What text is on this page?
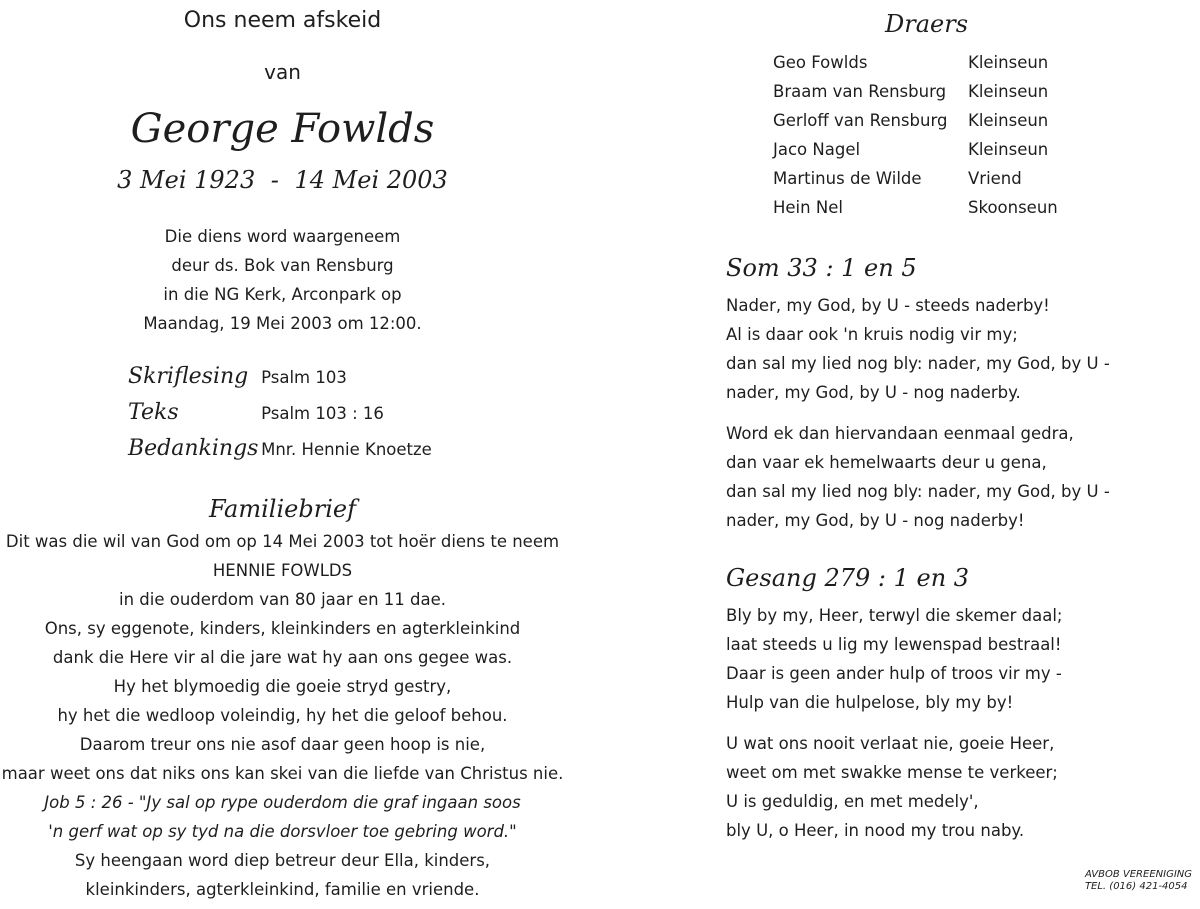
Ons neem afskeid
van
George Fowlds
3 Mei 1923 - 14 Mei 2003
Die diens word waargeneem
deur ds. Bok van Rensburg
in die NG Kerk, Arconpark op
Maandag, 19 Mei 2003 om 12:00.
Skriflesing Psalm 103
Teks	Psalm 103 : 16
Bedankings Mnr. Hennie Knoetze
Familiebrief
Dit was die wil van God om op 14 Mei 2003 tot hoër diens te neem
HENNIE FOWLDS
in die ouderdom van 80 jaar en 11 dae.
Ons, sy eggenote, kinders, kleinkinders en agterkleinkind
dank die Here vir al die jare wat hy aan ons gegee was.
Hy het blymoedig die goeie stryd gestry,
hy het die wedloop voleindig, hy het die geloof behou.
Daarom treur ons nie asof daar geen hoop is nie,
maar weet ons dat niks ons kan skei van die liefde van Christus nie.
Job 5 : 26 - "Jy sal op rype ouderdom die graf ingaan soos
'n gerf wat op sy tyd na die dorsvloer toe gebring word."
Sy heengaan word diep betreur deur Ella, kinders,
kleinkinders, agterkleinkind, familie en vriende.
Draers
Geo Fowlds	Kleinseun
Braam van Rensburg	Kleinseun
Gerloff van Rensburg	Kleinseun
Jaco Nagel	Kleinseun
Martinus de Wilde	Vriend
Hein Nel	Skoonseun
Som 33 : 1 en 5
Nader, my God, by U - steeds naderby!
Al is daar ook 'n kruis nodig vir my;
dan sal my lied nog bly: nader, my God, by U -
nader, my God, by U - nog naderby.
Word ek dan hiervandaan eenmaal gedra,
dan vaar ek hemelwaarts deur u gena,
dan sal my lied nog bly: nader, my God, by U -
nader, my God, by U - nog naderby!
Gesang 279 : 1 en 3
Bly by my, Heer, terwyl die skemer daal;
laat steeds u lig my lewenspad bestraal!
Daar is geen ander hulp of troos vir my -
Hulp van die hulpelose, bly my by!
U wat ons nooit verlaat nie, goeie Heer,
weet om met swakke mense te verkeer;
U is geduldig, en met medely',
bly U, o Heer, in nood my trou naby.
AVBOB VEREENIGING
TEL. (016) 421-4054
